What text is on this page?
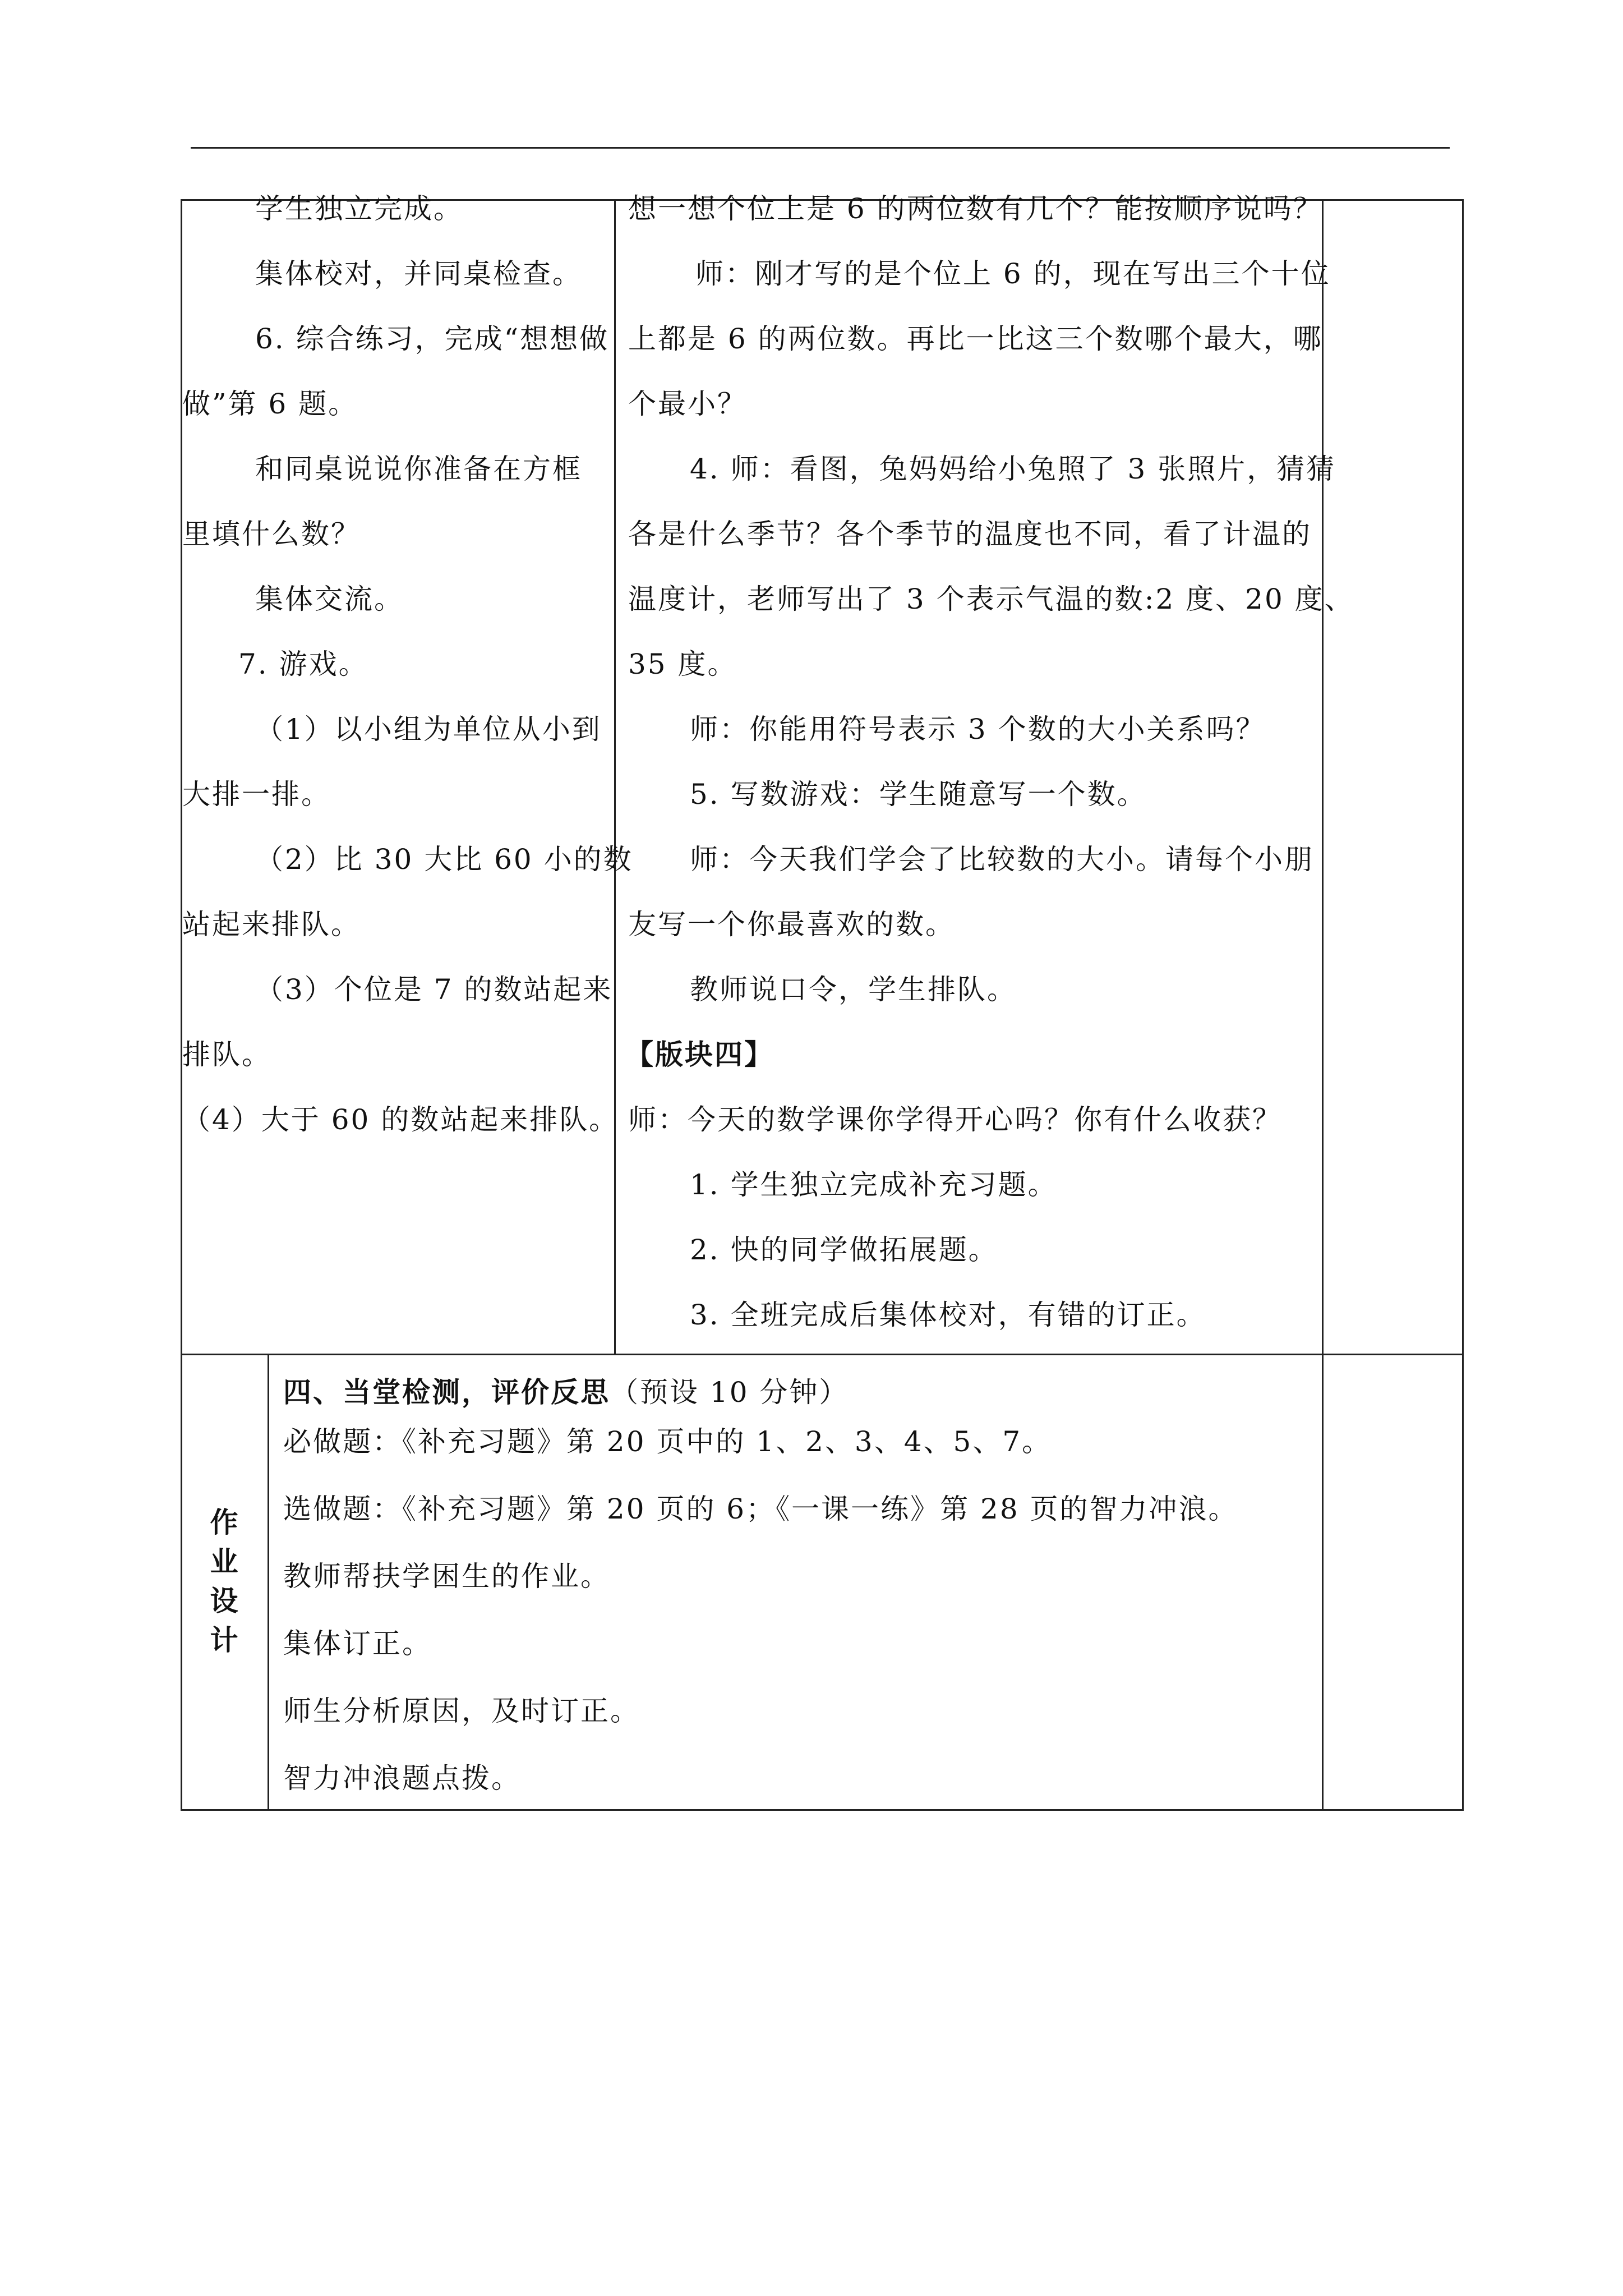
作
业
设
计
四、当堂检测，评价反思（预设 10 分钟）
学生独立完成。
集体校对，并同桌检查。
6. 综合练习，完成“想想做
做”第 6 题。
和同桌说说你准备在方框
里填什么数？
集体交流。
7. 游戏。
（1）以小组为单位从小到
大排一排。
（2）比 30 大比 60 小的数
站起来排队。
（3）个位是 7 的数站起来
排队。
（4）大于 60 的数站起来排队。
想一想个位上是 6 的两位数有几个？能按顺序说吗？
师：刚才写的是个位上 6 的，现在写出三个十位
上都是 6 的两位数。再比一比这三个数哪个最大，哪
个最小？
4. 师：看图，兔妈妈给小兔照了 3 张照片，猜猜
各是什么季节？各个季节的温度也不同，看了计温的
温度计，老师写出了 3 个表示气温的数:2 度、20 度、
35 度。
师：你能用符号表示 3 个数的大小关系吗？
5. 写数游戏：学生随意写一个数。
师：今天我们学会了比较数的大小。请每个小朋
友写一个你最喜欢的数。
教师说口令，学生排队。
【版块四】
师：今天的数学课你学得开心吗？你有什么收获？
1. 学生独立完成补充习题。
2. 快的同学做拓展题。
3. 全班完成后集体校对，有错的订正。
必做题：《补充习题》第 20 页中的 1、2、3、4、5、7。
选做题：《补充习题》第 20 页的 6；《一课一练》第 28 页的智力冲浪。
教师帮扶学困生的作业。
集体订正。
师生分析原因，及时订正。
智力冲浪题点拨。
